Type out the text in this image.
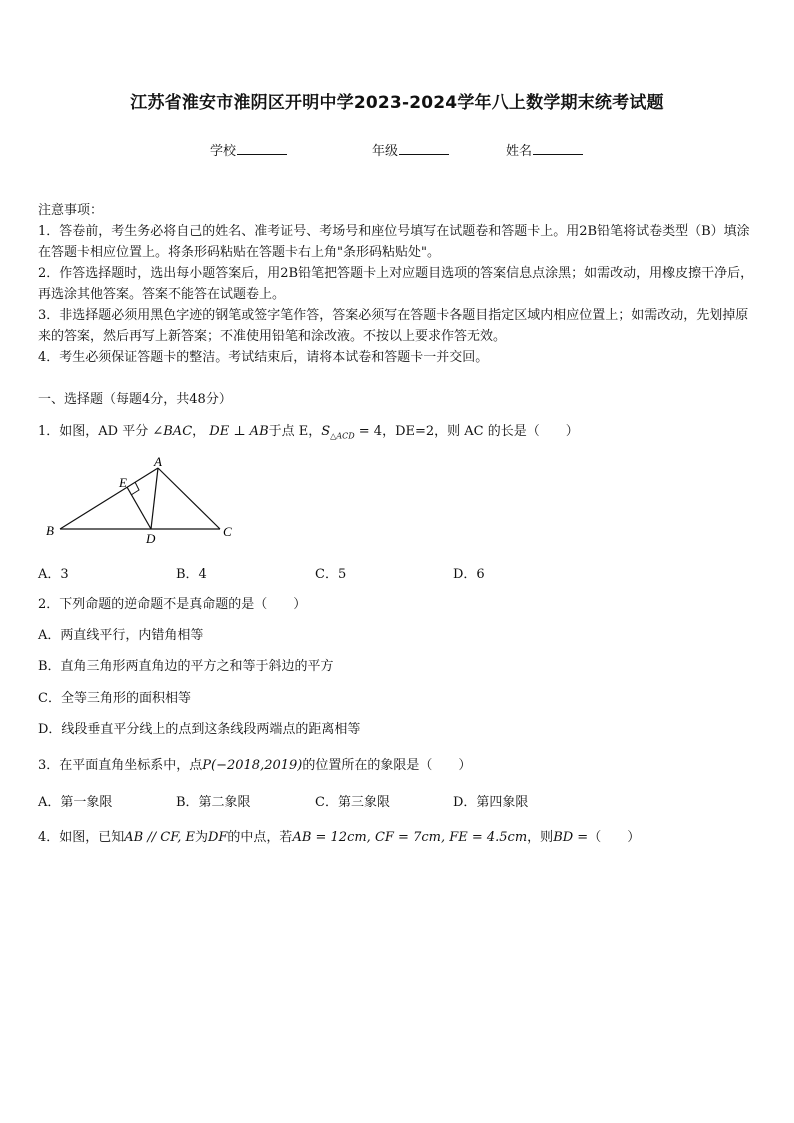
江苏省淮安市淮阴区开明中学2023-2024学年八上数学期末统考试题
学校	年级	姓名
注意事项：
1．答卷前，考生务必将自己的姓名、准考证号、考场号和座位号填写在试题卷和答题卡上。用2B铅笔将试卷类型（B）填涂在答题卡相应位置上。将条形码粘贴在答题卡右上角"条形码粘贴处"。
2．作答选择题时，选出每小题答案后，用2B铅笔把答题卡上对应题目选项的答案信息点涂黑；如需改动，用橡皮擦干净后，再选涂其他答案。答案不能答在试题卷上。
3．非选择题必须用黑色字迹的钢笔或签字笔作答，答案必须写在答题卡各题目指定区域内相应位置上；如需改动，先划掉原来的答案，然后再写上新答案；不准使用铅笔和涂改液。不按以上要求作答无效。
4．考生必须保证答题卡的整洁。考试结束后，请将本试卷和答题卡一并交回。
一、选择题（每题4分，共48分）
1．如图，AD 平分 ∠BAC， DE ⊥ AB于点 E，$S_{\triangle ACD} = 4$，DE=2，则 AC 的长是（　　）
A
B	C
D
E
A．3	B．4	C．5	D．6
2．下列命题的逆命题不是真命题的是（　　）
A．两直线平行，内错角相等
B．直角三角形两直角边的平方之和等于斜边的平方
C．全等三角形的面积相等
D．线段垂直平分线上的点到这条线段两端点的距离相等
3．在平面直角坐标系中，点P(−2018,2019)的位置所在的象限是（　　）
A．第一象限	B．第二象限	C．第三象限	D．第四象限
4．如图，已知AB // CF, E为DF的中点，若AB = 12cm, CF = 7cm, FE = 4.5cm，则BD =（　　）
